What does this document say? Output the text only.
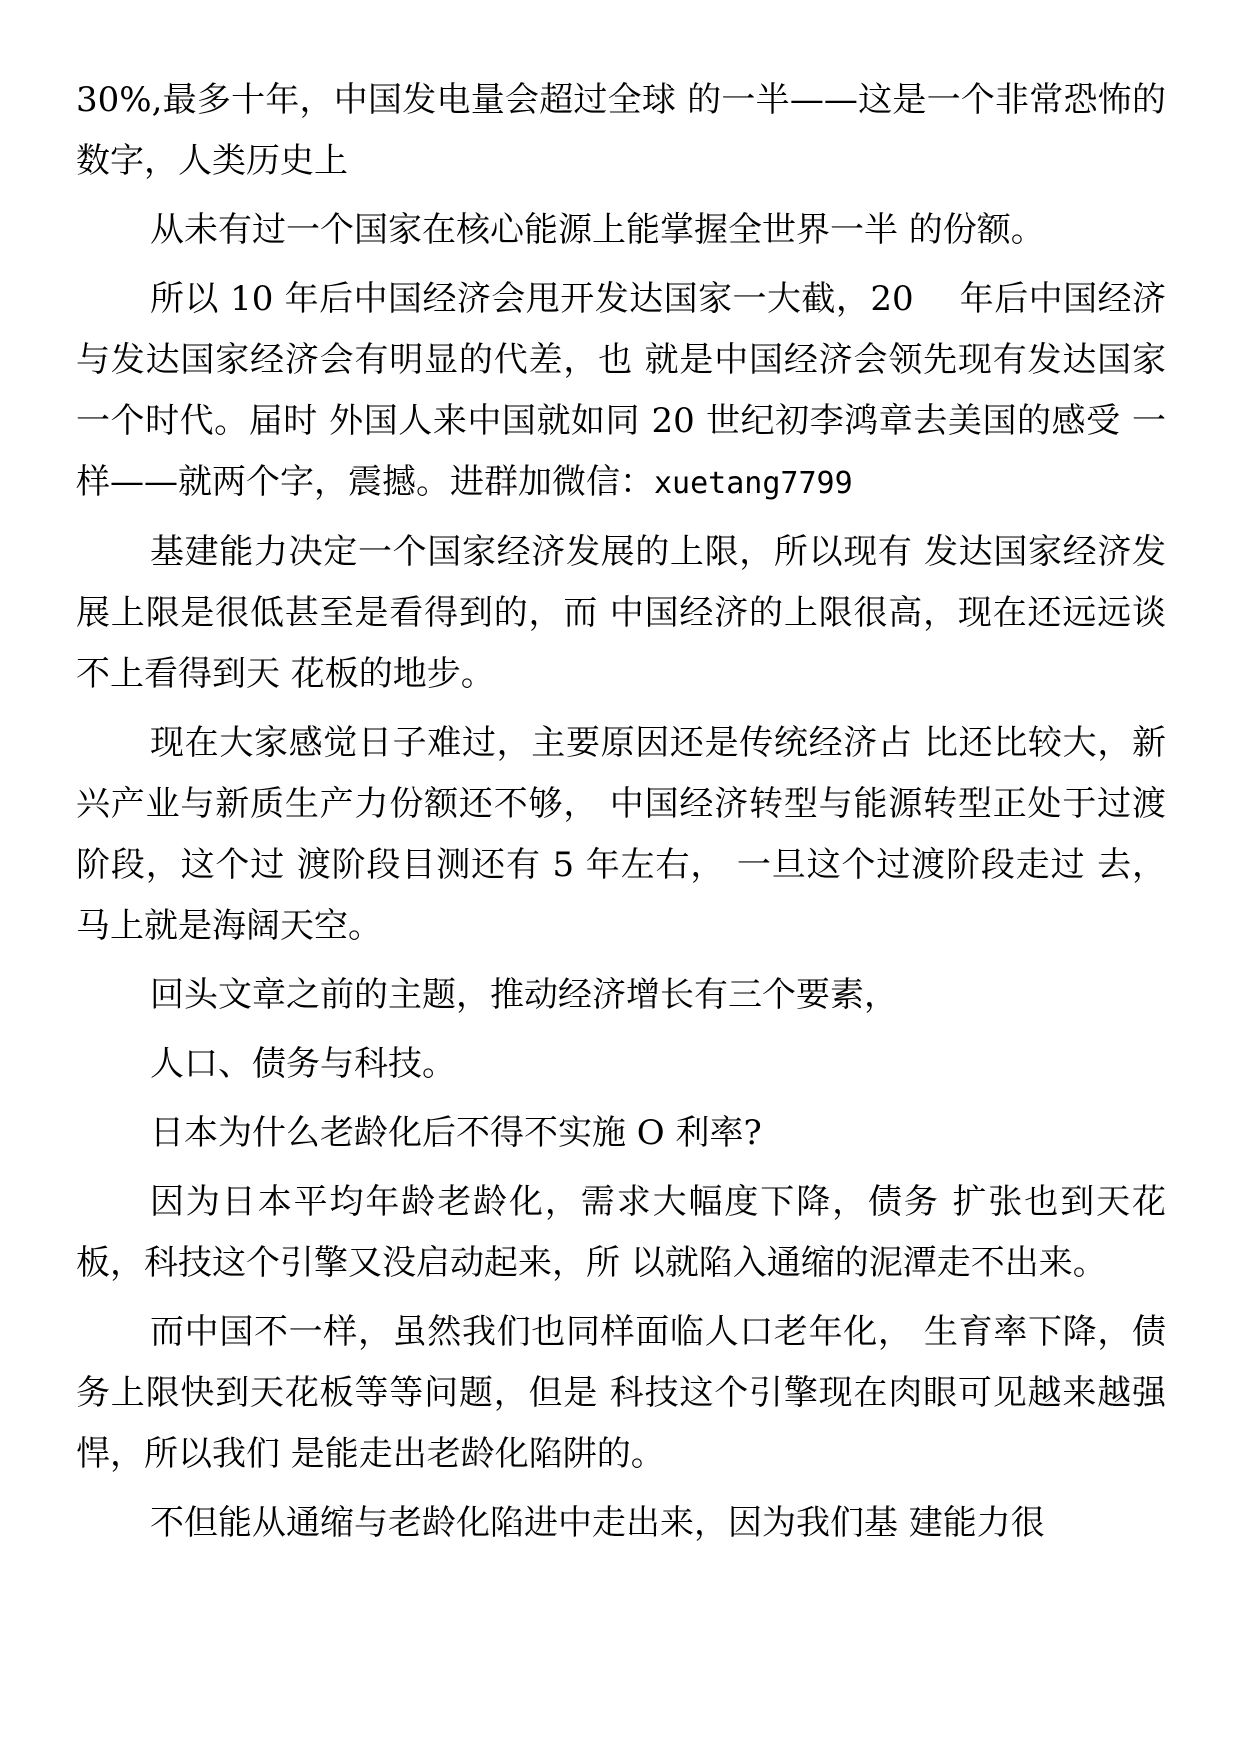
30%,最多十年，中国发电量会超过全球 的一半——这是一个非常恐怖的数字，人类历史上

从未有过一个国家在核心能源上能掌握全世界一半 的份额。

所以 10 年后中国经济会甩开发达国家一大截，20　 年后中国经济与发达国家经济会有明显的代差，也 就是中国经济会领先现有发达国家一个时代。届时 外国人来中国就如同 20 世纪初李鸿章去美国的感受 一样——就两个字，震撼。进群加微信：xuetang7799

基建能力决定一个国家经济发展的上限，所以现有 发达国家经济发展上限是很低甚至是看得到的，而 中国经济的上限很高，现在还远远谈不上看得到天 花板的地步。

现在大家感觉日子难过，主要原因还是传统经济占 比还比较大，新兴产业与新质生产力份额还不够， 中国经济转型与能源转型正处于过渡阶段，这个过 渡阶段目测还有 5 年左右， 一旦这个过渡阶段走过 去，马上就是海阔天空。

回头文章之前的主题，推动经济增长有三个要素，

人口、债务与科技。

日本为什么老龄化后不得不实施 O 利率?

因为日本平均年龄老龄化，需求大幅度下降，债务 扩张也到天花板，科技这个引擎又没启动起来，所 以就陷入通缩的泥潭走不出来。

而中国不一样，虽然我们也同样面临人口老年化， 生育率下降，债务上限快到天花板等等问题，但是 科技这个引擎现在肉眼可见越来越强悍，所以我们 是能走出老龄化陷阱的。

不但能从通缩与老龄化陷进中走出来，因为我们基 建能力很
